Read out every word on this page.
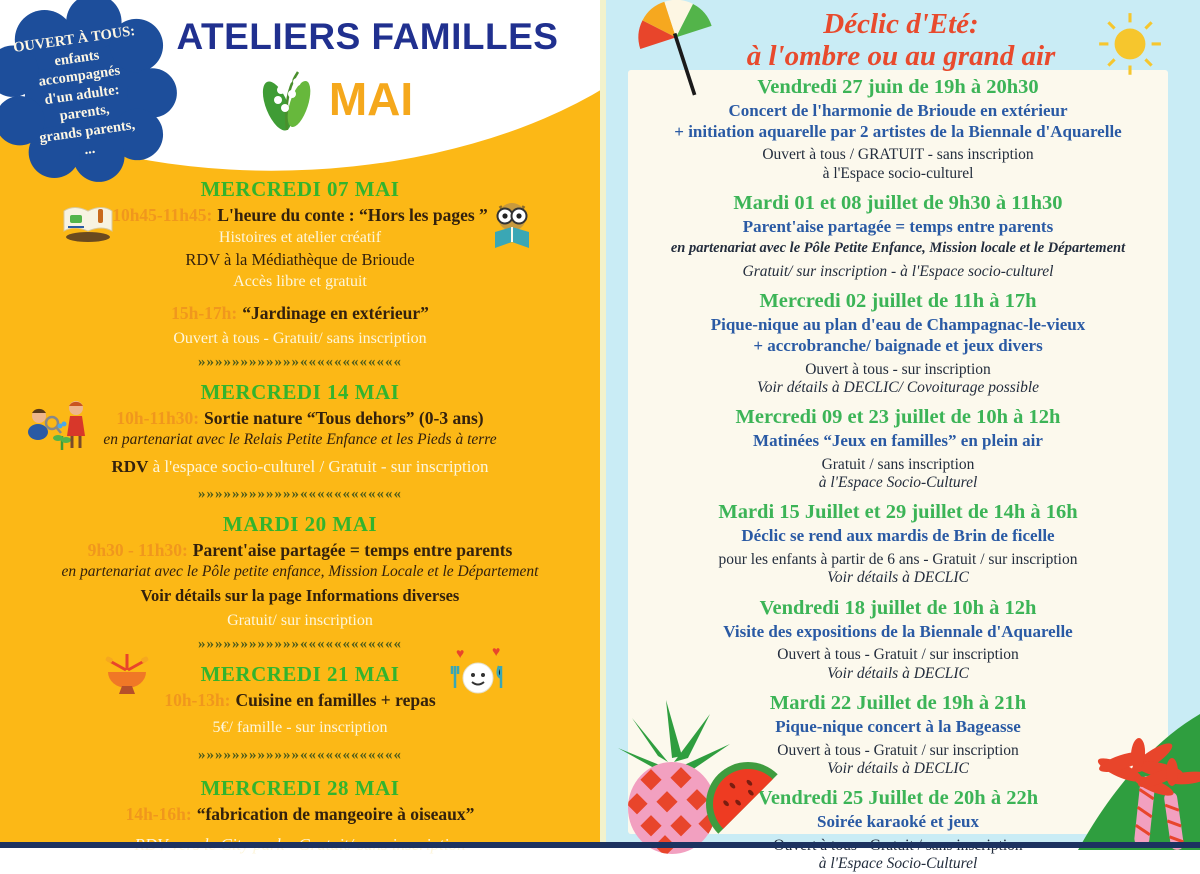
OUVERT À TOUS:
enfants
accompagnés
d'un adulte:
parents,
grands parents,
...
ATELIERS FAMILLES
MAI
♥ ♥
MERCREDI 07 MAI
10h45-11h45: L'heure du conte : “Hors les pages ”
Histoires et atelier créatif
RDV à la Médiathèque de Brioude
Accès libre et gratuit
15h-17h: “Jardinage en extérieur”
Ouvert à tous - Gratuit/ sans inscription
»»»»»»»»»»»»««««««««««««
MERCREDI 14 MAI
10h-11h30: Sortie nature “Tous dehors” (0-3 ans)
en partenariat avec le Relais Petite Enfance et les Pieds à terre
RDV à l'espace socio-culturel / Gratuit - sur inscription
»»»»»»»»»»»»««««««««««««
MARDI 20 MAI
9h30 - 11h30: Parent'aise partagée = temps entre parents
en partenariat avec le Pôle petite enfance, Mission Locale et le Département
Voir détails sur la page Informations diverses
Gratuit/ sur inscription
»»»»»»»»»»»»««««««««««««
MERCREDI 21 MAI
10h-13h: Cuisine en familles + repas
5€/ famille - sur inscription
»»»»»»»»»»»»««««««««««««
MERCREDI 28 MAI
14h-16h: “fabrication de mangeoire à oiseaux”
Déclic d'Eté:
à l'ombre ou au grand air
Vendredi 27 juin de 19h à 20h30
Concert de l'harmonie de Brioude en extérieur
+ initiation aquarelle par 2 artistes de la Biennale d'Aquarelle
Ouvert à tous / GRATUIT - sans inscription
à l'Espace socio-culturel
Mardi 01 et 08 juillet de 9h30 à 11h30
Parent'aise partagée = temps entre parents
en partenariat avec le Pôle Petite Enfance, Mission locale et le Département
Gratuit/ sur inscription - à l'Espace socio-culturel
Mercredi 02 juillet de 11h à 17h
Pique-nique au plan d'eau de Champagnac-le-vieux
+ accrobranche/ baignade et jeux divers
Ouvert à tous - sur inscription
Voir détails à DECLIC/ Covoiturage possible
Mercredi 09 et 23 juillet de 10h à 12h
Matinées “Jeux en familles” en plein air
Gratuit / sans inscription
à l'Espace Socio-Culturel
Mardi 15 Juillet et 29 juillet de 14h à 16h
Déclic se rend aux mardis de Brin de ficelle
pour les enfants à partir de 6 ans - Gratuit / sur inscription
Voir détails à DECLIC
Vendredi 18 juillet de 10h à 12h
Visite des expositions de la Biennale d'Aquarelle
Ouvert à tous - Gratuit / sur inscription
Voir détails à DECLIC
Mardi 22 Juillet de 19h à 21h
Pique-nique concert à la Bageasse
Ouvert à tous - Gratuit / sur inscription
Voir détails à DECLIC
Vendredi 25 Juillet de 20h à 22h
Soirée karaoké et jeux
à l'Espace Socio-Culturel
